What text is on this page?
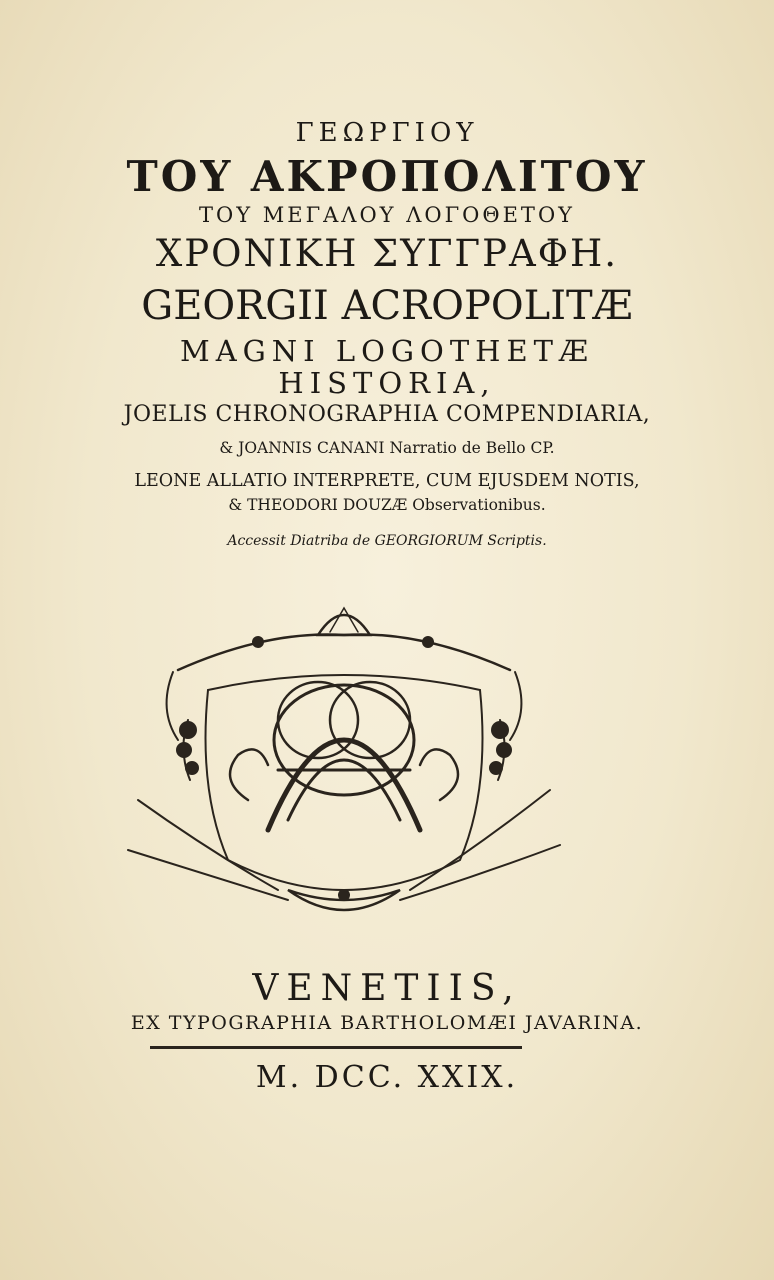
ΓΕΩΡΓΙΟΥ
ΤΟΥ ΑΚΡΟΠΟΛΙΤΟΥ
ΤΟΥ ΜΕΓΑΛΟΥ ΛΟΓΟΘΕΤΟΥ
ΧΡΟΝΙΚΗ ΣΥΓΓΡΑΦΗ.
GEORGII ACROPOLITÆ
MAGNI LOGOTHETÆ
HISTORIA,
JOELIS CHRONOGRAPHIA COMPENDIARIA,
& JOANNIS CANANI Narratio de Bello CP.
LEONE ALLATIO INTERPRETE, CUM EJUSDEM NOTIS,
& THEODORI DOUZÆ Observationibus.
Accessit Diatriba de GEORGIORUM Scriptis.
VENETIIS,
EX TYPOGRAPHIA BARTHOLOMÆI JAVARINA.
M. DCC. XXIX.
